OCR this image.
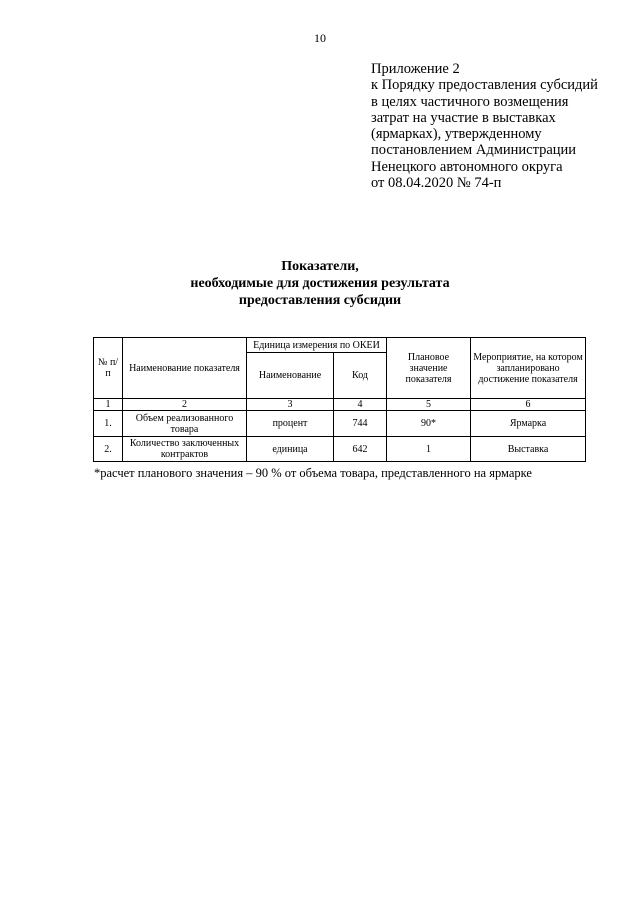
10
Приложение 2
к Порядку предоставления субсидий
в целях частичного возмещения
затрат на участие в выставках
(ярмарках), утвержденному
постановлением Администрации
Ненецкого автономного округа
от 08.04.2020 № 74-п
Показатели,
необходимые для достижения результата
предоставления субсидии
№ п/п	Наименование показателя	Единица измерения по ОКЕИ		Плановое значение показателя	Мероприятие, на котором запланировано достижение показателя
		Наименование	Код		
1	2	3	4	5	6
1.	Объем реализованного товара	процент	744	90*	Ярмарка
2.	Количество заключенных контрактов	единица	642	1	Выставка
*расчет планового значения – 90 % от объема товара, представленного на ярмарке
